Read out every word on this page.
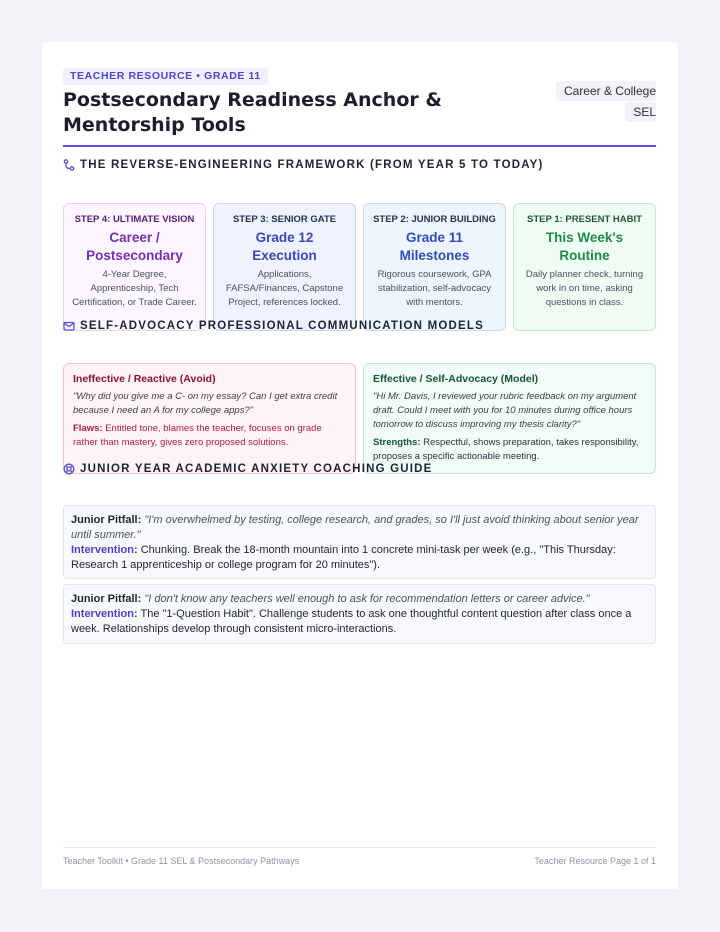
TEACHER RESOURCE • GRADE 11
Postsecondary Readiness Anchor & Mentorship Tools
Career & College
SEL
THE REVERSE-ENGINEERING FRAMEWORK (FROM YEAR 5 TO TODAY)
STEP 4: ULTIMATE VISION
Career / Postsecondary
4-Year Degree, Apprenticeship, Tech Certification, or Trade Career.
STEP 3: SENIOR GATE
Grade 12 Execution
Applications, FAFSA/Finances, Capstone Project, references locked.
STEP 2: JUNIOR BUILDING
Grade 11 Milestones
Rigorous coursework, GPA stabilization, self-advocacy with mentors.
STEP 1: PRESENT HABIT
This Week's Routine
Daily planner check, turning work in on time, asking questions in class.
SELF-ADVOCACY PROFESSIONAL COMMUNICATION MODELS
Ineffective / Reactive (Avoid)
"Why did you give me a C- on my essay? Can I get extra credit because I need an A for my college apps?"
Flaws: Entitled tone, blames the teacher, focuses on grade rather than mastery, gives zero proposed solutions.
Effective / Self-Advocacy (Model)
"Hi Mr. Davis, I reviewed your rubric feedback on my argument draft. Could I meet with you for 10 minutes during office hours tomorrow to discuss improving my thesis clarity?"
Strengths: Respectful, shows preparation, takes responsibility, proposes a specific actionable meeting.
JUNIOR YEAR ACADEMIC ANXIETY COACHING GUIDE
Junior Pitfall: "I'm overwhelmed by testing, college research, and grades, so I'll just avoid thinking about senior year until summer."
Intervention: Chunking. Break the 18-month mountain into 1 concrete mini-task per week (e.g., "This Thursday: Research 1 apprenticeship or college program for 20 minutes").
Junior Pitfall: "I don't know any teachers well enough to ask for recommendation letters or career advice."
Intervention: The "1-Question Habit". Challenge students to ask one thoughtful content question after class once a week. Relationships develop through consistent micro-interactions.
Teacher Toolkit • Grade 11 SEL & Postsecondary Pathways	Teacher Resource Page 1 of 1
